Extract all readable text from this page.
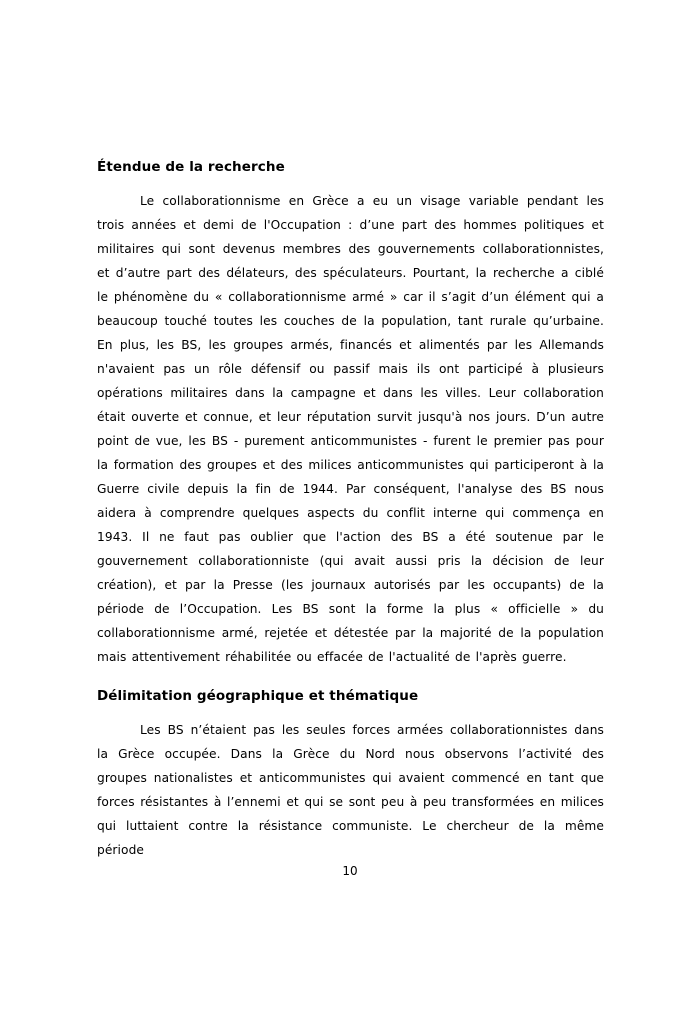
Étendue de la recherche

Le collaborationnisme en Grèce a eu un visage variable pendant les trois années et demi de l'Occupation : d’une part des hommes politiques et militaires qui sont devenus membres des gouvernements collaborationnistes, et d’autre part des délateurs, des spéculateurs. Pourtant, la recherche a ciblé le phénomène du « collaborationnisme armé » car il s’agit d’un élément qui a beaucoup touché toutes les couches de la population, tant rurale qu’urbaine. En plus, les BS, les groupes armés, financés et alimentés par les Allemands n'avaient pas un rôle défensif ou passif mais ils ont participé à plusieurs opérations militaires dans la campagne et dans les villes. Leur collaboration était ouverte et connue, et leur réputation survit jusqu'à nos jours. D’un autre point de vue, les BS - purement anticommunistes - furent le premier pas pour la formation des groupes et des milices anticommunistes qui participeront à la Guerre civile depuis la fin de 1944. Par conséquent, l'analyse des BS nous aidera à comprendre quelques aspects du conflit interne qui commença en 1943. Il ne faut pas oublier que l'action des BS a été soutenue par le gouvernement collaborationniste (qui avait aussi pris la décision de leur création), et par la Presse (les journaux autorisés par les occupants) de la période de l’Occupation. Les BS sont la forme la plus « officielle » du collaborationnisme armé, rejetée et détestée par la majorité de la population mais attentivement réhabilitée ou effacée de l'actualité de l'après guerre.

Délimitation géographique et thématique

Les BS n’étaient pas les seules forces armées collaborationnistes dans la Grèce occupée. Dans la Grèce du Nord nous observons l’activité des groupes nationalistes et anticommunistes qui avaient commencé en tant que forces résistantes à l’ennemi et qui se sont peu à peu transformées en milices qui luttaient contre la résistance communiste. Le chercheur de la même période

10
